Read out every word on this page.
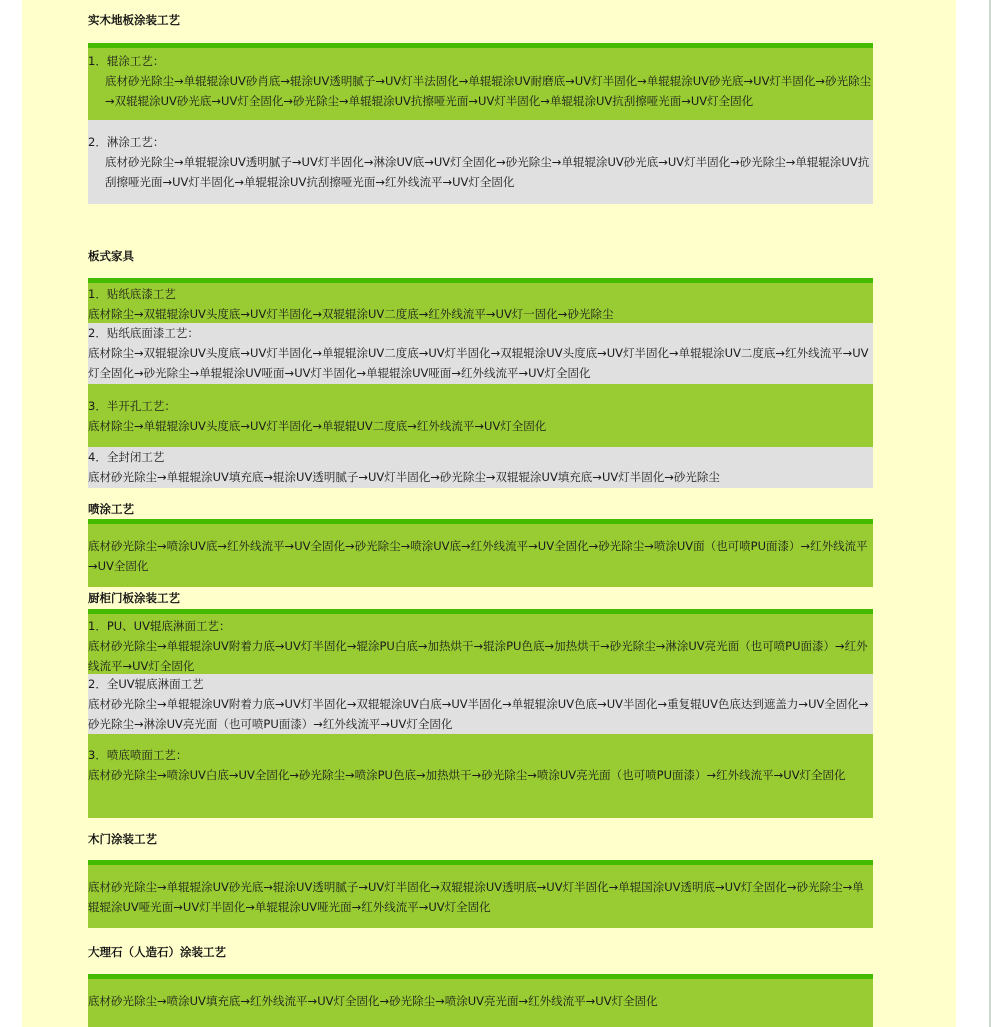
实木地板涂装工艺
1．辊涂工艺：
底材砂光除尘→单辊辊涂UV砂肖底→辊涂UV透明腻子→UV灯半法固化→单辊辊涂UV耐磨底→UV灯半固化→单辊辊涂UV砂光底→UV灯半固化→砂光除尘→双辊辊涂UV砂光底→UV灯全固化→砂光除尘→单辊辊涂UV抗擦哑光面→UV灯半固化→单辊辊涂UV抗刮擦哑光面→UV灯全固化
2．淋涂工艺：
底材砂光除尘→单辊辊涂UV透明腻子→UV灯半固化→淋涂UV底→UV灯全固化→砂光除尘→单辊辊涂UV砂光底→UV灯半固化→砂光除尘→单辊辊涂UV抗刮擦哑光面→UV灯半固化→单辊辊涂UV抗刮擦哑光面→红外线流平→UV灯全固化
板式家具
1．贴纸底漆工艺
底材除尘→双辊辊涂UV头度底→UV灯半固化→双辊辊涂UV二度底→红外线流平→UV灯一固化→砂光除尘
2．贴纸底面漆工艺：
底材除尘→双辊辊涂UV头度底→UV灯半固化→单辊辊涂UV二度底→UV灯半固化→双辊辊涂UV头度底→UV灯半固化→单辊辊涂UV二度底→红外线流平→UV灯全固化→砂光除尘→单辊辊涂UV哑面→UV灯半固化→单辊辊涂UV哑面→红外线流平→UV灯全固化
3．半开孔工艺：
底材除尘→单辊辊涂UV头度底→UV灯半固化→单辊辊UV二度底→红外线流平→UV灯全固化
4．全封闭工艺
底材砂光除尘→单辊辊涂UV填充底→辊涂UV透明腻子→UV灯半固化→砂光除尘→双辊辊涂UV填充底→UV灯半固化→砂光除尘
喷涂工艺
底材砂光除尘→喷涂UV底→红外线流平→UV全固化→砂光除尘→喷涂UV底→红外线流平→UV全固化→砂光除尘→喷涂UV面（也可喷PU面漆）→红外线流平→UV全固化
厨柜门板涂装工艺
1．PU、UV辊底淋面工艺：
底材砂光除尘→单辊辊涂UV附着力底→UV灯半固化→辊涂PU白底→加热烘干→辊涂PU色底→加热烘干→砂光除尘→淋涂UV亮光面（也可喷PU面漆）→红外线流平→UV灯全固化
2．全UV辊底淋面工艺
底材砂光除尘→单辊辊涂UV附着力底→UV灯半固化→双辊辊涂UV白底→UV半固化→单辊辊涂UV色底→UV半固化→重复辊UV色底达到遮盖力→UV全固化→砂光除尘→淋涂UV亮光面（也可喷PU面漆）→红外线流平→UV灯全固化
3．喷底喷面工艺：
底材砂光除尘→喷涂UV白底→UV全固化→砂光除尘→喷涂PU色底→加热烘干→砂光除尘→喷涂UV亮光面（也可喷PU面漆）→红外线流平→UV灯全固化
木门涂装工艺
底材砂光除尘→单辊辊涂UV砂光底→辊涂UV透明腻子→UV灯半固化→双辊辊涂UV透明底→UV灯半固化→单辊国涂UV透明底→UV灯全固化→砂光除尘→单辊辊涂UV哑光面→UV灯半固化→单辊辊涂UV哑光面→红外线流平→UV灯全固化
大理石（人造石）涂装工艺
底材砂光除尘→喷涂UV填充底→红外线流平→UV灯全固化→砂光除尘→喷涂UV亮光面→红外线流平→UV灯全固化
